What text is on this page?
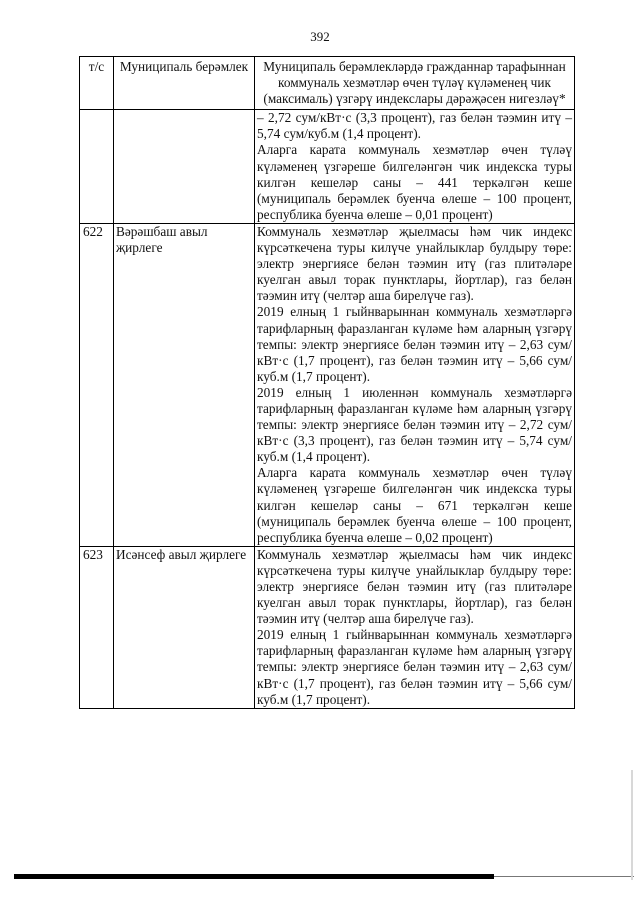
392
т/с	Муниципаль берәмлек	Муниципаль берәмлекләрдә гражданнар тарафыннан коммуналь хезмәтләр өчен түләү күләменең чик (максималь) үзгәрү индекслары дәрәҗәсен нигезләү*

		– 2,72 сум/кВт·с (3,3 процент), газ белән тәэмин итү – 5,74 сум/куб.м (1,4 процент).

Аларга карата коммуналь хезмәтләр өчен түләү күләменең үзгәреше билгеләнгән чик индекска туры килгән кешеләр саны – 441 теркәлгән кеше (муниципаль берәмлек буенча өлеше – 100 процент, республика буенча өлеше – 0,01 процент)

622	Вәрәшбаш авыл җирлеге	Коммуналь хезмәтләр җыелмасы һәм чик индекс күрсәткечена туры килүче унайлыклар булдыру төре: электр энергиясе белән тәэмин итү (газ плитәләре куелган авыл торак пунктлары, йортлар), газ белән тәэмин итү (челтәр аша бирелүче газ).

2019 елның 1 гыйнварыннан коммуналь хезмәтләргә тарифларның фаразланган күләме һәм аларның үзгәрү темпы: электр энергиясе белән тәэмин итү – 2,63 сум/кВт·с (1,7 процент), газ белән тәэмин итү – 5,66 сум/куб.м (1,7 процент).

2019 елның 1 июленнән коммуналь хезмәтләргә тарифларның фаразланган күләме һәм аларның үзгәрү темпы: электр энергиясе белән тәэмин итү – 2,72 сум/кВт·с (3,3 процент), газ белән тәэмин итү – 5,74 сум/куб.м (1,4 процент).

Аларга карата коммуналь хезмәтләр өчен түләү күләменең үзгәреше билгеләнгән чик индекска туры килгән кешеләр саны – 671 теркәлгән кеше (муниципаль берәмлек буенча өлеше – 100 процент, республика буенча өлеше – 0,02 процент)

623	Исәнсеф авыл җирлеге	Коммуналь хезмәтләр җыелмасы һәм чик индекс күрсәткечена туры килүче унайлыклар булдыру төре: электр энергиясе белән тәэмин итү (газ плитәләре куелган авыл торак пунктлары, йортлар), газ белән тәэмин итү (челтәр аша бирелүче газ).

2019 елның 1 гыйнварыннан коммуналь хезмәтләргә тарифларның фаразланган күләме һәм аларның үзгәрү темпы: электр энергиясе белән тәэмин итү – 2,63 сум/кВт·с (1,7 процент), газ белән тәэмин итү – 5,66 сум/куб.м (1,7 процент).
